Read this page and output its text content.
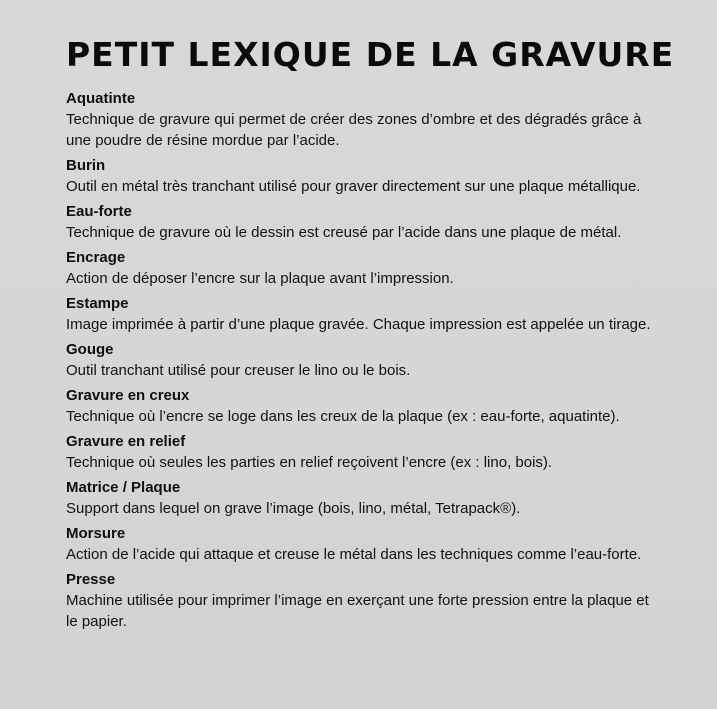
PETIT LEXIQUE DE LA GRAVURE
Aquatinte
Technique de gravure qui permet de créer des zones d’ombre et des dégradés grâce à une poudre de résine mordue par l’acide.
Burin
Outil en métal très tranchant utilisé pour graver directement sur une plaque métallique.
Eau-forte
Technique de gravure où le dessin est creusé par l’acide dans une plaque de métal.
Encrage
Action de déposer l’encre sur la plaque avant l’impression.
Estampe
Image imprimée à partir d’une plaque gravée. Chaque impression est appelée un tirage.
Gouge
Outil tranchant utilisé pour creuser le lino ou le bois.
Gravure en creux
Technique où l’encre se loge dans les creux de la plaque (ex : eau-forte, aquatinte).
Gravure en relief
Technique où seules les parties en relief reçoivent l’encre (ex : lino, bois).
Matrice / Plaque
Support dans lequel on grave l’image (bois, lino, métal, Tetrapack®).
Morsure
Action de l’acide qui attaque et creuse le métal dans les techniques comme l’eau-forte.
Presse
Machine utilisée pour imprimer l’image en exerçant une forte pression entre la plaque et le papier.
